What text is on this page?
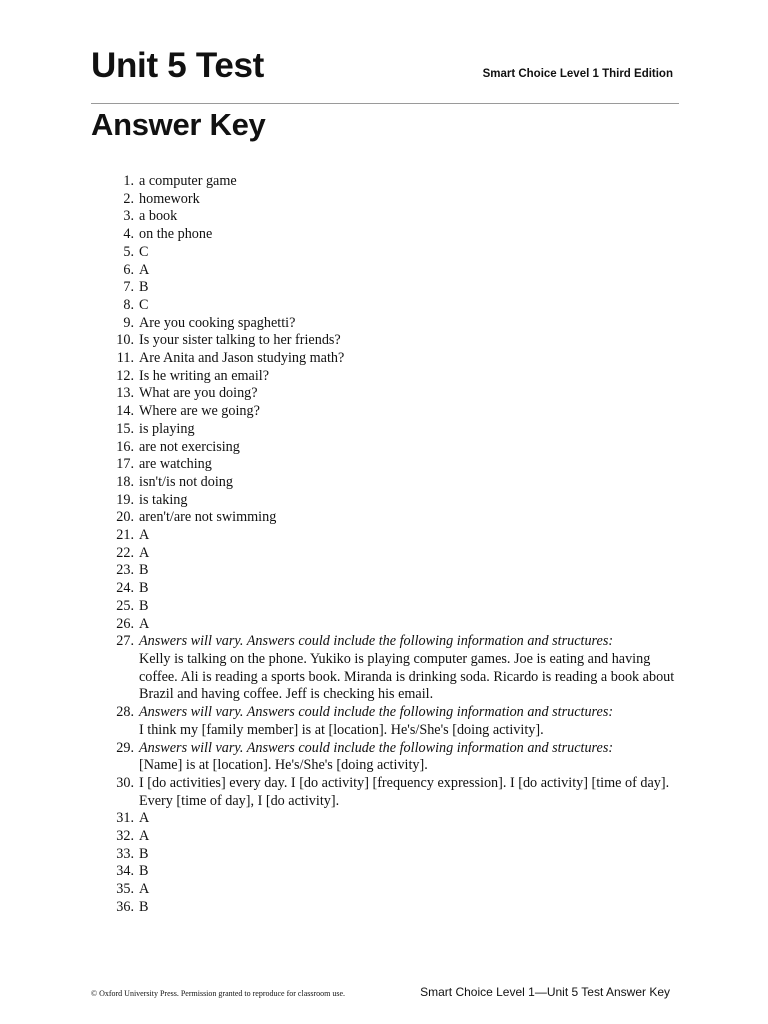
Unit 5 Test	Smart Choice Level 1 Third Edition
Answer Key
1. a computer game
2. homework
3. a book
4. on the phone
5. C
6. A
7. B
8. C
9. Are you cooking spaghetti?
10. Is your sister talking to her friends?
11. Are Anita and Jason studying math?
12. Is he writing an email?
13. What are you doing?
14. Where are we going?
15. is playing
16. are not exercising
17. are watching
18. isn't/is not doing
19. is taking
20. aren't/are not swimming
21. A
22. A
23. B
24. B
25. B
26. A
27. Answers will vary. Answers could include the following information and structures:
Kelly is talking on the phone. Yukiko is playing computer games. Joe is eating and having coffee. Ali is reading a sports book. Miranda is drinking soda. Ricardo is reading a book about Brazil and having coffee. Jeff is checking his email.
28. Answers will vary. Answers could include the following information and structures:
I think my [family member] is at [location]. He's/She's [doing activity].
29. Answers will vary. Answers could include the following information and structures:
[Name] is at [location]. He's/She's [doing activity].
30. I [do activities] every day. I [do activity] [frequency expression]. I [do activity] [time of day]. Every [time of day], I [do activity].
31. A
32. A
33. B
34. B
35. A
36. B
© Oxford University Press. Permission granted to reproduce for classroom use.	Smart Choice Level 1—Unit 5 Test Answer Key
